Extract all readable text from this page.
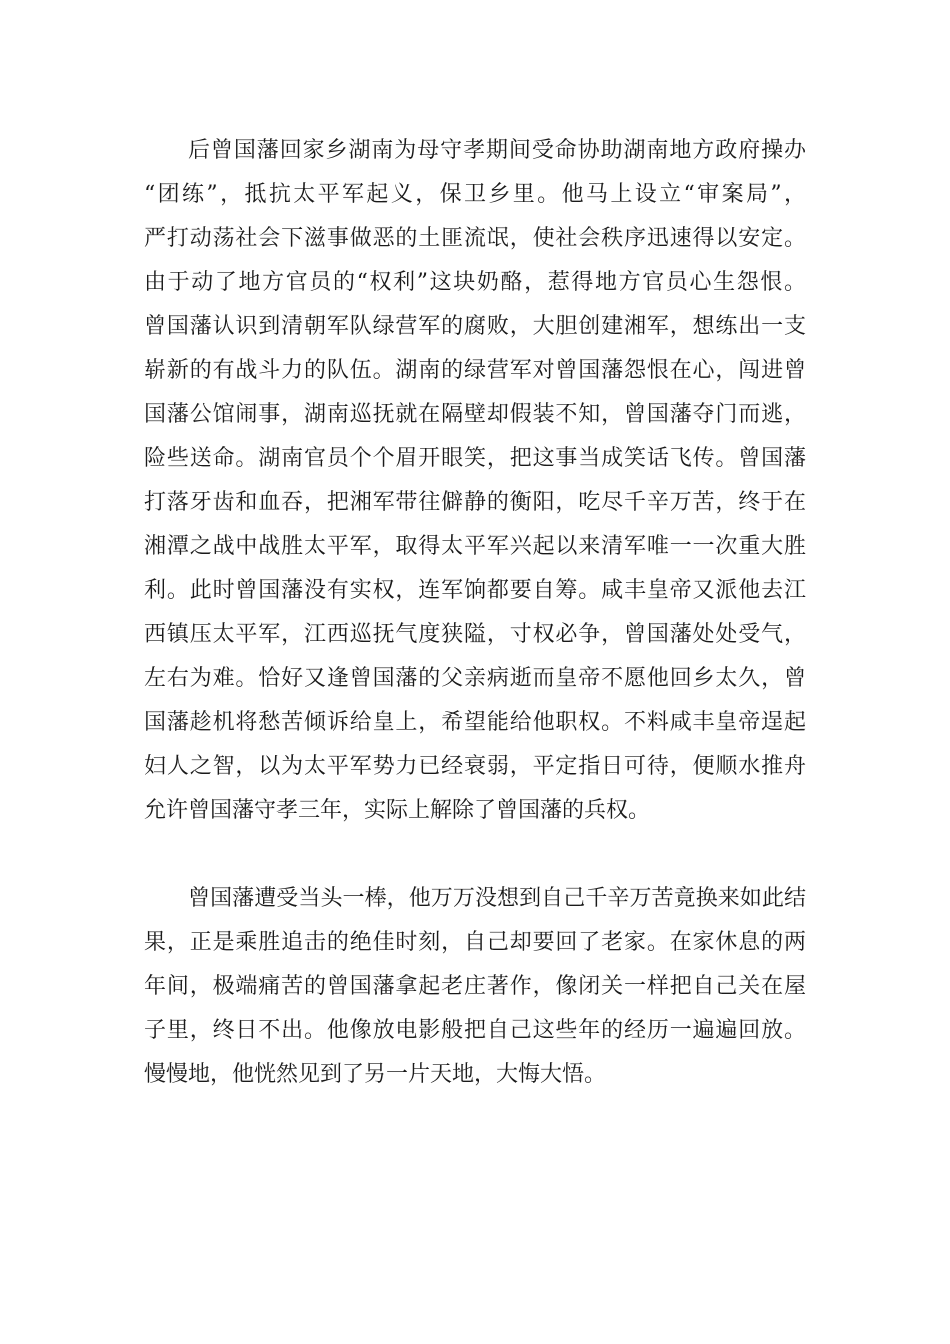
后曾国藩回家乡湖南为母守孝期间受命协助湖南地方政府操办
“团练”，抵抗太平军起义，保卫乡里。他马上设立“审案局”，
严打动荡社会下滋事做恶的土匪流氓，使社会秩序迅速得以安定。
由于动了地方官员的“权利”这块奶酪，惹得地方官员心生怨恨。
曾国藩认识到清朝军队绿营军的腐败，大胆创建湘军，想练出一支
崭新的有战斗力的队伍。湖南的绿营军对曾国藩怨恨在心，闯进曾
国藩公馆闹事，湖南巡抚就在隔壁却假装不知，曾国藩夺门而逃，
险些送命。湖南官员个个眉开眼笑，把这事当成笑话飞传。曾国藩
打落牙齿和血吞，把湘军带往僻静的衡阳，吃尽千辛万苦，终于在
湘潭之战中战胜太平军，取得太平军兴起以来清军唯一一次重大胜
利。此时曾国藩没有实权，连军饷都要自筹。咸丰皇帝又派他去江
西镇压太平军，江西巡抚气度狭隘，寸权必争，曾国藩处处受气，
左右为难。恰好又逢曾国藩的父亲病逝而皇帝不愿他回乡太久，曾
国藩趁机将愁苦倾诉给皇上，希望能给他职权。不料咸丰皇帝逞起
妇人之智，以为太平军势力已经衰弱，平定指日可待，便顺水推舟
允许曾国藩守孝三年，实际上解除了曾国藩的兵权。
曾国藩遭受当头一棒，他万万没想到自己千辛万苦竟换来如此结
果，正是乘胜追击的绝佳时刻，自己却要回了老家。在家休息的两
年间，极端痛苦的曾国藩拿起老庄著作，像闭关一样把自己关在屋
子里，终日不出。他像放电影般把自己这些年的经历一遍遍回放。
慢慢地，他恍然见到了另一片天地，大悔大悟。
